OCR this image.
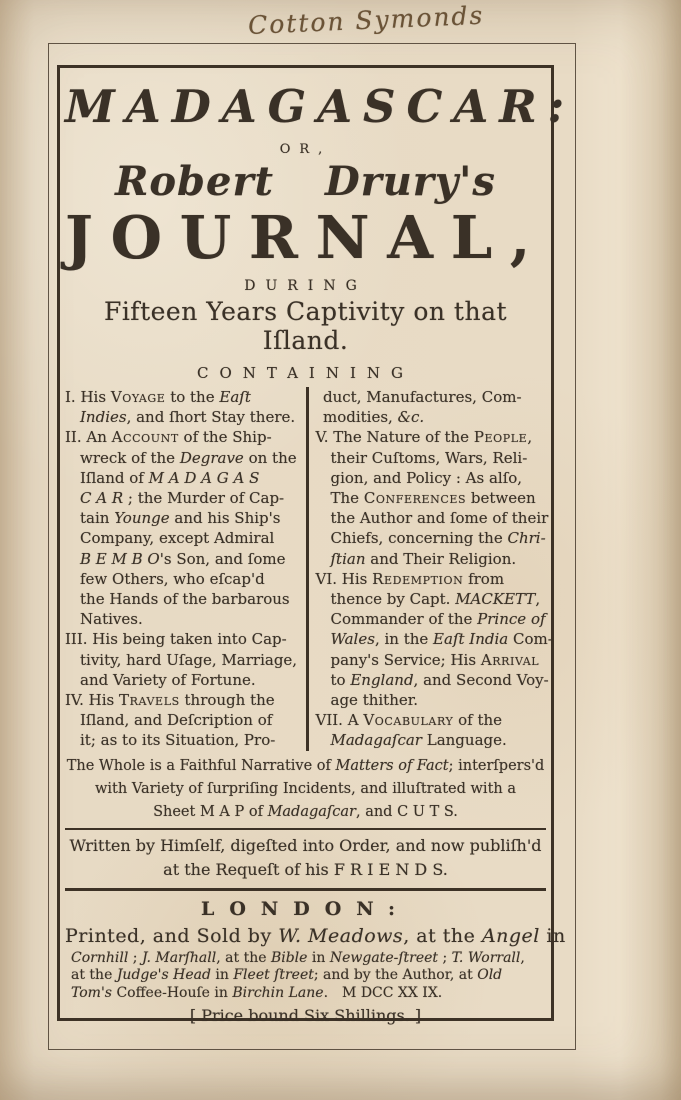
Cotton Symonds
MADAGASCAR:
OR,
Robert Drury's
JOURNAL,
DURING
Fifteen Years Captivity on that Iſland.
CONTAINING
I. His Voyage to the Eaſt
 Indies, and ſhort Stay there.
II. An Account of the Ship-
 wreck of the Degrave on the
 Iſland of M A D A G A S
 C A R ; the Murder of Cap-
 tain Younge and his Ship's
 Company, except Admiral
 B E M B O's Son, and ſome
 few Others, who eſcap'd
 the Hands of the barbarous
 Natives.
III. His being taken into Cap-
 tivity, hard Uſage, Marriage,
 and Variety of Fortune.
IV. His Travels through the
 Iſland, and Deſcription of
 it; as to its Situation, Pro-
 duct, Manufactures, Com-
 modities, &c.
V. The Nature of the People,
 their Cuſtoms, Wars, Reli-
 gion, and Policy : As alſo,
 The Conferences between
 the Author and ſome of their
 Chiefs, concerning the Chri-
 ſtian and Their Religion.
VI. His Redemption from
 thence by Capt. MACKETT,
 Commander of the Prince of
 Wales, in the Eaſt India Com-
 pany's Service; His Arrival
 to England, and Second Voy-
 age thither.
VII. A Vocabulary of the
 Madagaſcar Language.
The Whole is a Faithful Narrative of Matters of Fact; interſpers'd
with Variety of ſurpriſing Incidents, and illuſtrated with a
Sheet M A P of Madagaſcar, and C U T S.
Written by Himſelf, digeſted into Order, and now publiſh'd
at the Requeſt of his F R I E N D S.
LONDON:
Printed, and Sold by W. Meadows, at the Angel in
Cornhill ; J. Marſhall, at the Bible in Newgate-ſtreet ; T. Worrall,
at the Judge's Head in Fleet ſtreet; and by the Author, at Old
Tom's Coffee-Houſe in Birchin Lane.  M DCC XX IX.
[ Price bound Six Shillings. ]
